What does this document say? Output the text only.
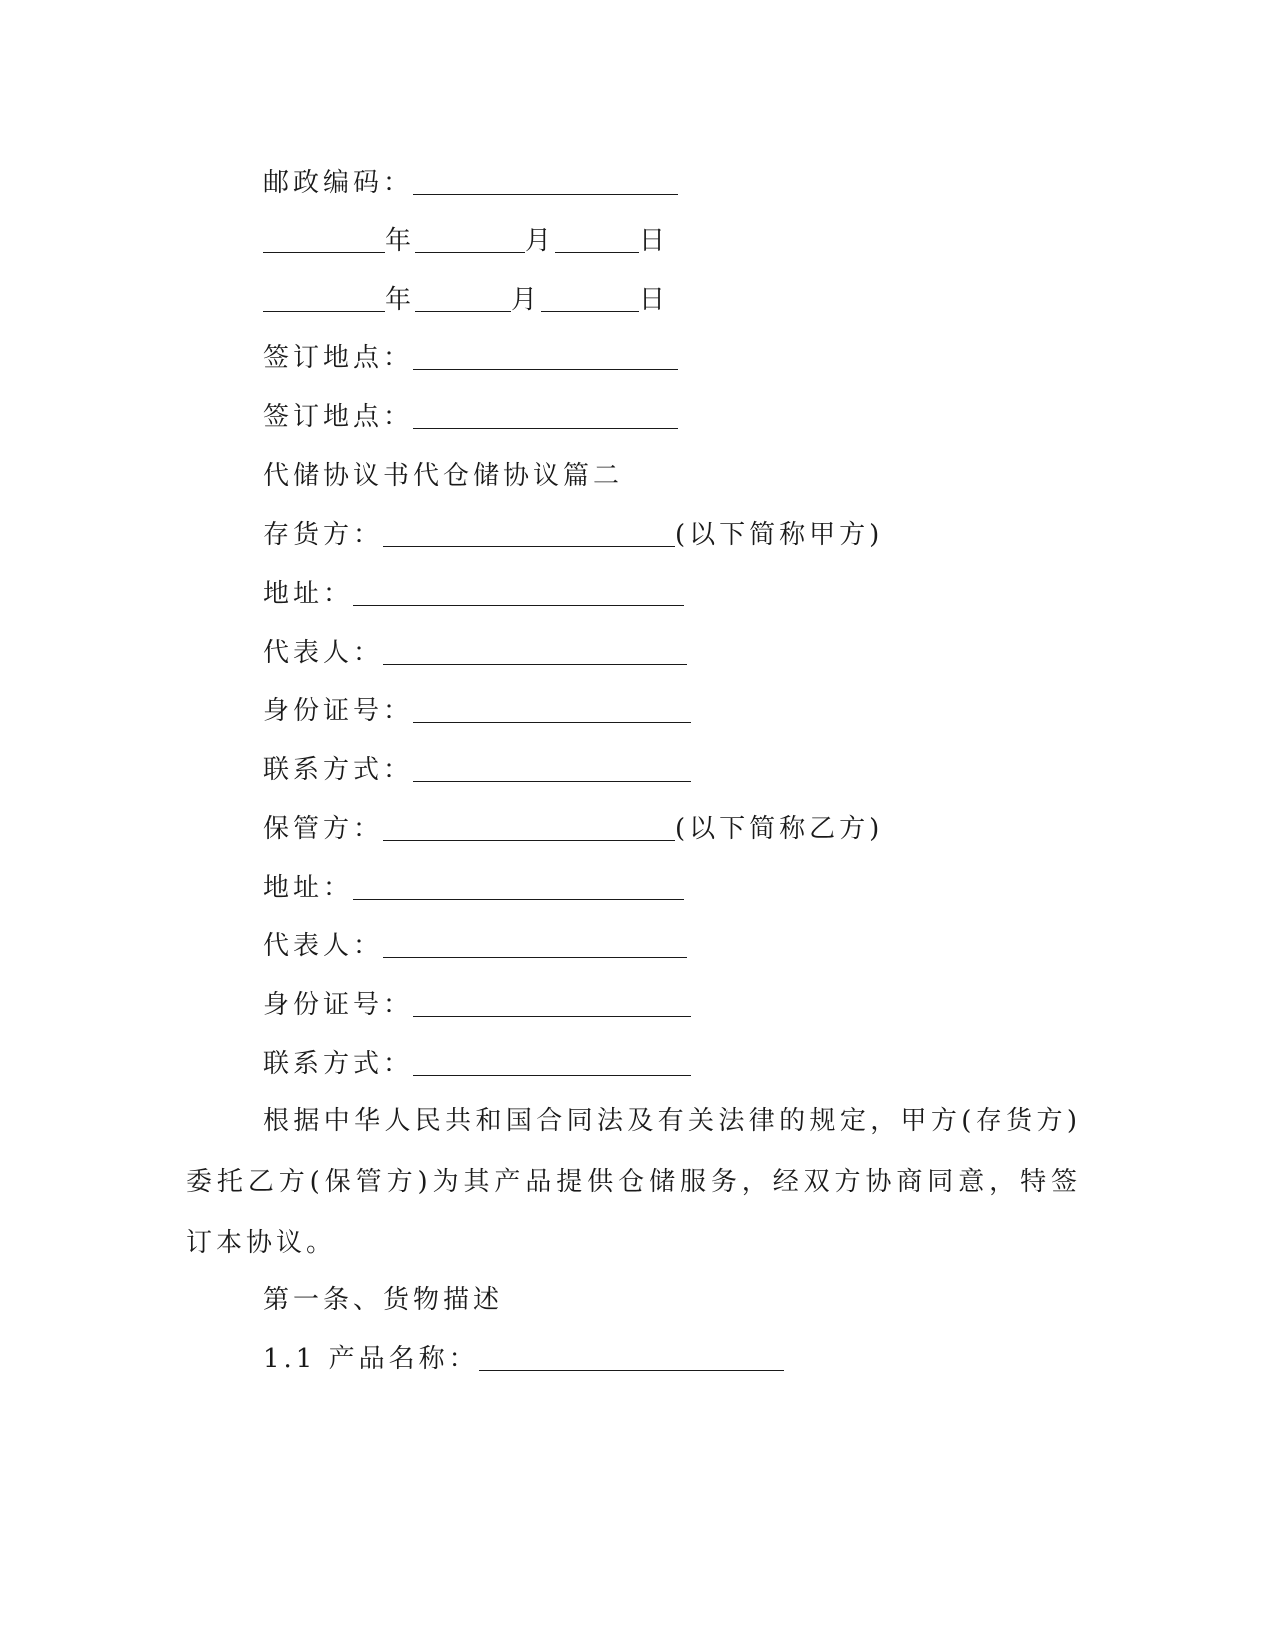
邮政编码：
年	月	日
年	月	日
签订地点：
签订地点：
代储协议书代仓储协议篇二
存货方：	(以下简称甲方)
地址：
代表人：
身份证号：
联系方式：
保管方：	(以下简称乙方)
地址：
代表人：
身份证号：
联系方式：

根据中华人民共和国合同法及有关法律的规定，甲方(存货方)委托乙方(保管方)为其产品提供仓储服务，经双方协商同意，特签订本协议。

第一条、货物描述
1.1 产品名称：
